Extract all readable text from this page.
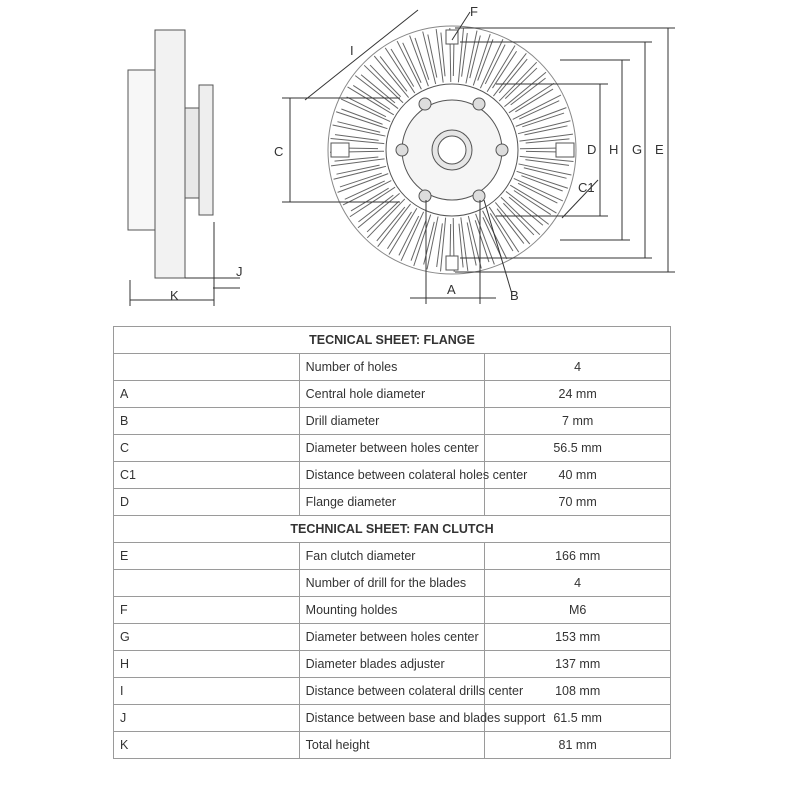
K
J
C	D H G E
C1
I
F
A	B
TECNICAL SHEET: FLANGE		
	Number of holes	4
A	Central hole diameter	24 mm
B	Drill diameter	7 mm
C	Diameter between holes center	56.5 mm
C1	Distance between colateral holes center	40 mm
D	Flange diameter	70 mm
TECHNICAL SHEET: FAN CLUTCH		
E	Fan clutch diameter	166 mm
	Number of drill for the blades	4
F	Mounting holdes	M6
G	Diameter between holes center	153 mm
H	Diameter blades adjuster	137 mm
I	Distance between colateral drills center	108 mm
J	Distance between base and blades support	61.5 mm
K	Total height	81 mm
